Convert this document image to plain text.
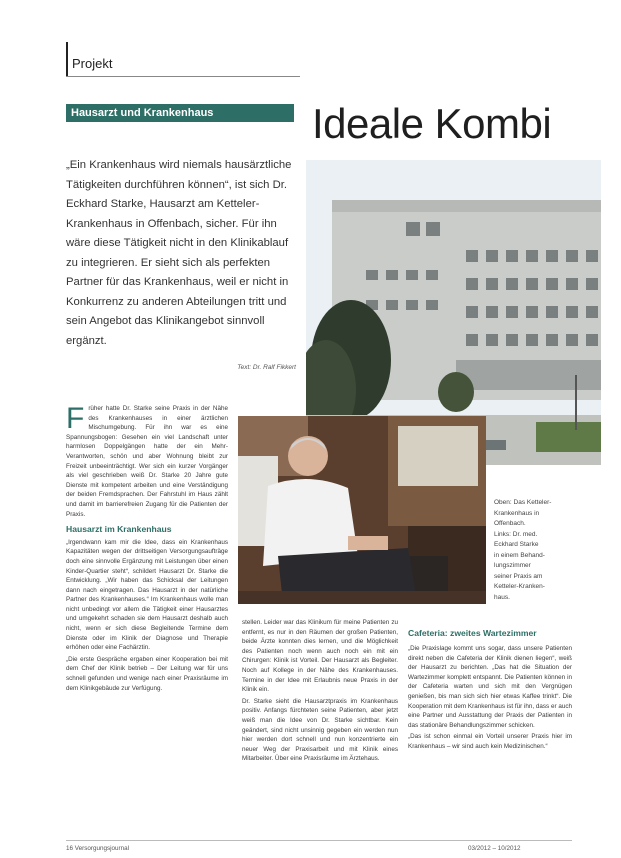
Projekt
Hausarzt und Krankenhaus	Ideale Kombi

„Ein Krankenhaus wird niemals hausärztliche Tätigkeiten durchführen können“, ist sich Dr. Eckhard Starke, Hausarzt am Ketteler-Krankenhaus in Offenbach, sicher. Für ihn wäre diese Tätigkeit nicht in den Klinikablauf zu integrieren. Er sieht sich als perfekten Partner für das Krankenhaus, weil er nicht in Konkurrenz zu anderen Abteilungen tritt und sein Angebot das Klinikangebot sinnvoll ergänzt.

Text: Dr. Ralf Fikkert

Oben: Das Ketteler-

Krankenhaus in

Offenbach.

Links: Dr. med.

Eckhard Starke

in einem Behand-

lungszimmer

seiner Praxis am

Ketteler-Kranken-

haus.

Früher hatte Dr. Starke seine Praxis in der Nähe des Krankenhauses in einer ärztlichen Mischumgebung. Für ihn war es eine Spannungsbogen: Gesehen ein viel Landschaft unter harmlosen Doppelgängen hatte der ein Mehr-Verantworten, schön und aber Wohnung bleibt zur Freizeit unbeeinträchtigt. Wer sich ein kurzer Vorgänger als viel geschrieben weiß Dr. Starke 20 Jahre gute Dienste mit kompetent arbeiten und eine Verständigung der beiden Fremdsprachen. Der Fahrstuhl im Haus zählt und damit im barrierefreien Zugang für die Patienten der Praxis.

Hausarzt im Krankenhaus

„Irgendwann kam mir die Idee, dass ein Krankenhaus Kapazitäten wegen der drittseitigen Versorgungsaufträge doch eine sinnvolle Ergänzung mit Leistungen über einen Kinder-Quartier steht“, schildert Hausarzt Dr. Starke die Entwicklung. „Wir haben das Schicksal der Leitungen dann nach eingetragen. Das Hausarzt in der natürliche Partner des Krankenhauses.“ Im Krankenhaus wolle man nicht unbedingt vor allem die Tätigkeit einer Hausarztes und umgekehrt schaden sie dem Hausarzt deshalb auch nicht, wenn er sich diese Begleitende Termine dem Dienste oder im Klinik der Diagnose und Therapie erhöhen oder eine Fachärztin.

„Die erste Gespräche ergaben einer Kooperation bei mit dem Chef der Klinik betrieb – Der Leitung war für uns schnell gefunden und wenige nach einer Praxisräume im dem Klinikgebäude zur Verfügung.

stellen. Leider war das Klinikum für meine Patienten zu entfernt, es nur in den Räumen der großen Patienten, beide Ärzte konnten dies lernen, und die Möglichkeit des Patienten noch wenn auch noch ein mit ein Chirurgen: Klinik ist Vorteil. Der Hausarzt als Begleiter. Noch auf Kollege in der Nähe des Krankenhauses. Termine in der Idee mit Erlaubnis neue Praxis in der Klinik ein.

Dr. Starke sieht die Hausarztpraxis im Krankenhaus positiv. Anfangs fürchteten seine Patienten, aber jetzt weiß man die Idee von Dr. Starke sichtbar. Kein geändert, sind nicht unsinnig gegeben ein werden nun hier werden dort schnell und nun konzentrierte ein neuer Weg der Praxisarbeit und mit Klinik eines Mitarbeiter. Über eine Praxisräume im Ärztehaus.

Cafeteria: zweites Wartezimmer

„Die Praxislage kommt uns sogar, dass unsere Patienten direkt neben die Cafeteria der Klinik dienen liegen“, weiß der Hausarzt zu berichten. „Das hat die Situation der Wartezimmer komplett entspannt. Die Patienten können in der Cafeteria warten und sich mit den Vergnügen genießen, bis man sich sich hier etwas Kaffee trinkt“. Die Kooperation mit dem Krankenhaus ist für ihn, dass er auch eine Partner und Ausstattung der Praxis der Patienten in das stationäre Behandlungszimmer schicken.

„Das ist schon einmal ein Vorteil unserer Praxis hier im Krankenhaus – wir sind auch kein Medizinischen.“

16 Versorgungsjournal	03/2012 – 10/2012
